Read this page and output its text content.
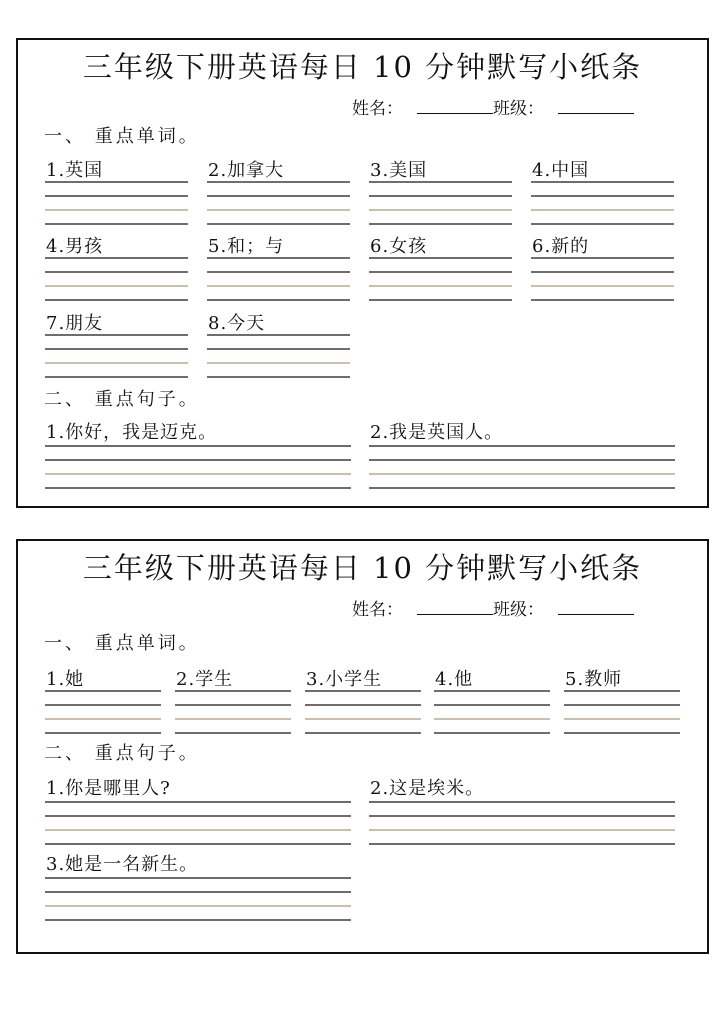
三年级下册英语每日 10 分钟默写小纸条
姓名：	班级：
一、 重点单词。
1.英国	2.加拿大	3.美国	4.中国
4.男孩	5.和；与	6.女孩	6.新的
7.朋友	8.今天
二、 重点句子。
1.你好，我是迈克。	2.我是英国人。
三年级下册英语每日 10 分钟默写小纸条
姓名：	班级：
一、 重点单词。
1.她	2.学生	3.小学生	4.他	5.教师
二、 重点句子。
1.你是哪里人?	2.这是埃米。
3.她是一名新生。
